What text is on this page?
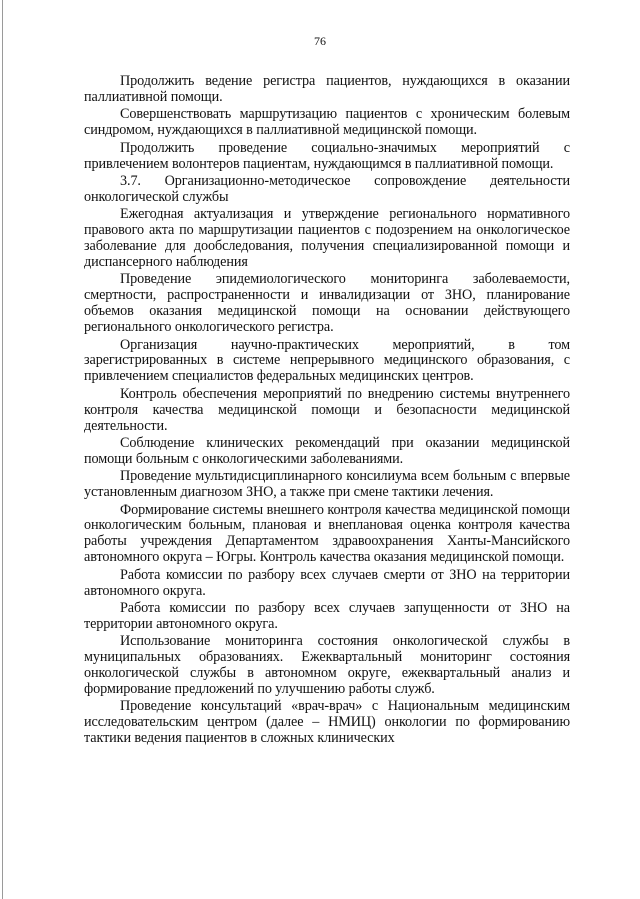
76

Продолжить ведение регистра пациентов, нуждающихся в оказании паллиативной помощи.

Совершенствовать маршрутизацию пациентов с хроническим болевым синдромом, нуждающихся в паллиативной медицинской помощи.

Продолжить проведение социально-значимых мероприятий с привлечением волонтеров пациентам, нуждающимся в паллиативной помощи.

3.7. Организационно-методическое сопровождение деятельности онкологической службы

Ежегодная актуализация и утверждение регионального нормативного правового акта по маршрутизации пациентов с подозрением на онкологическое заболевание для дообследования, получения специализированной помощи и диспансерного наблюдения

Проведение эпидемиологического мониторинга заболеваемости, смертности, распространенности и инвалидизации от ЗНО, планирование объемов оказания медицинской помощи на основании действующего регионального онкологического регистра.

Организация научно-практических мероприятий, в том зарегистрированных в системе непрерывного медицинского образования, с привлечением специалистов федеральных медицинских центров.

Контроль обеспечения мероприятий по внедрению системы внутреннего контроля качества медицинской помощи и безопасности медицинской деятельности.

Соблюдение клинических рекомендаций при оказании медицинской помощи больным с онкологическими заболеваниями.

Проведение мультидисциплинарного консилиума всем больным с впервые установленным диагнозом ЗНО, а также при смене тактики лечения.

Формирование системы внешнего контроля качества медицинской помощи онкологическим больным, плановая и внеплановая оценка контроля качества работы учреждения Департаментом здравоохранения Ханты-Мансийского автономного округа – Югры. Контроль качества оказания медицинской помощи.

Работа комиссии по разбору всех случаев смерти от ЗНО на территории автономного округа.

Работа комиссии по разбору всех случаев запущенности от ЗНО на территории автономного округа.

Использование мониторинга состояния онкологической службы в муниципальных образованиях. Ежеквартальный мониторинг состояния онкологической службы в автономном округе, ежеквартальный анализ и формирование предложений по улучшению работы служб.

Проведение консультаций «врач-врач» с Национальным медицинским исследовательским центром (далее – НМИЦ) онкологии по формированию тактики ведения пациентов в сложных клинических
